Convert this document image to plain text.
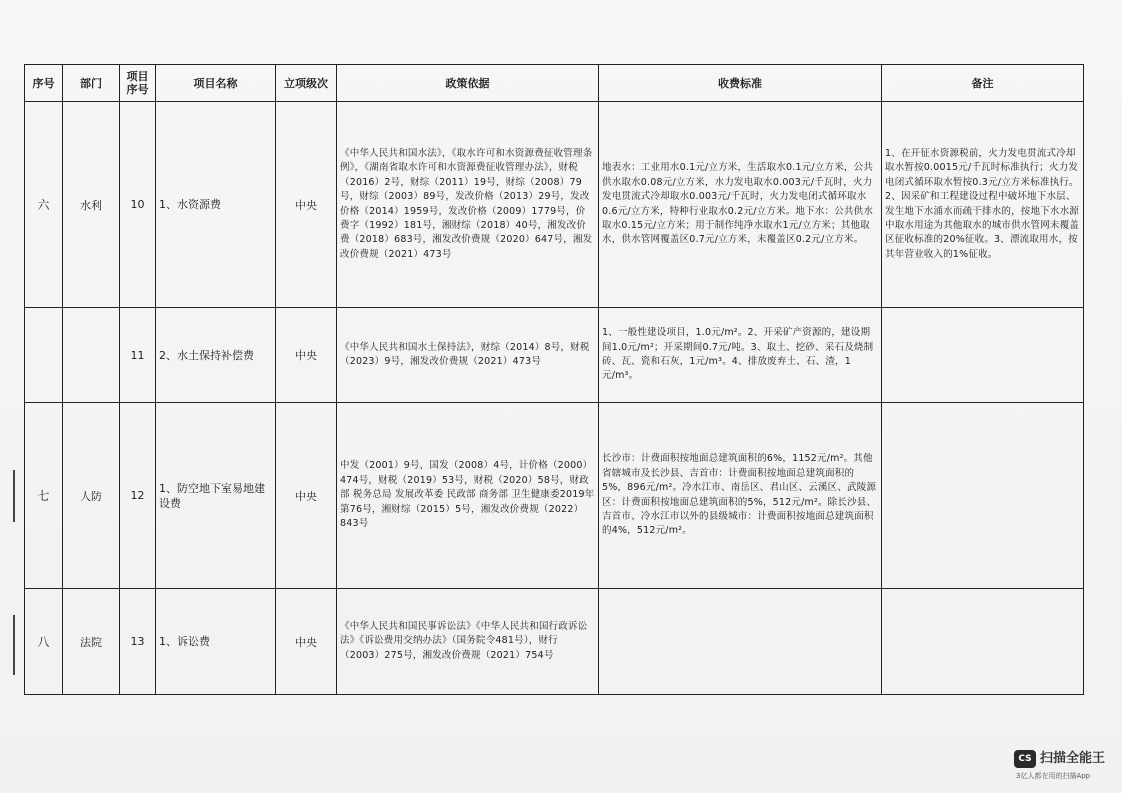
序号	部门	项目序号	项目名称	立项级次	政策依据	收费标准	备注
六	水利	10	1、水资源费	中央	《中华人民共和国水法》，《取水许可和水资源费征收管理条例》，《湖南省取水许可和水资源费征收管理办法》，财税（2016）2号，财综（2011）19号，财综（2008）79号，财综（2003）89号，发改价格（2013）29号，发改价格（2014）1959号，发改价格（2009）1779号，价费字（1992）181号，湘财综（2018）40号，湘发改价费（2018）683号，湘发改价费规（2020）647号，湘发改价费规（2021）473号	地表水：工业用水0.1元/立方米，生活取水0.1元/立方米，公共供水取水0.08元/立方米，水力发电取水0.003元/千瓦时，火力发电贯流式冷却取水0.003元/千瓦时，火力发电闭式循环取水0.6元/立方米，特种行业取水0.2元/立方米。地下水：公共供水取水0.15元/立方米；用于制作纯净水取水1元/立方米；其他取水，供水管网覆盖区0.7元/立方米，未覆盖区0.2元/立方米。	1、在开征水资源税前，火力发电贯流式冷却取水暂按0.0015元/千瓦时标准执行；火力发电闭式循环取水暂按0.3元/立方米标准执行。2、因采矿和工程建设过程中破坏地下水层、发生地下水涌水而疏干排水的，按地下水水源中取水用途为其他取水的城市供水管网未覆盖区征收标准的20%征收。3、漂流取用水，按其年营业收入的1%征收。
		11	2、水土保持补偿费	中央	《中华人民共和国水土保持法》，财综（2014）8号，财税（2023）9号，湘发改价费规（2021）473号	1、一般性建设项目，1.0元/m²。2、开采矿产资源的，建设期间1.0元/m²；开采期间0.7元/吨。3、取土、挖砂、采石及烧制砖、瓦、瓷和石灰，1元/m³。4、排放废弃土、石、渣，1元/m³。	
七	人防	12	1、防空地下室易地建设费	中央	中发（2001）9号，国发（2008）4号，计价格（2000）474号，财税（2019）53号，财税（2020）58号，财政部 税务总局 发展改革委 民政部 商务部 卫生健康委2019年第76号，湘财综（2015）5号，湘发改价费规（2022）843号	长沙市：计费面积按地面总建筑面积的6%，1152元/m²。其他省辖城市及长沙县、吉首市：计费面积按地面总建筑面积的5%，896元/m²。冷水江市、南岳区、君山区、云溪区、武陵源区：计费面积按地面总建筑面积的5%，512元/m²。除长沙县、吉首市、冷水江市以外的县级城市：计费面积按地面总建筑面积的4%，512元/m²。	
八	法院	13	1、诉讼费	中央	《中华人民共和国民事诉讼法》《中华人民共和国行政诉讼法》《诉讼费用交纳办法》（国务院令481号），财行（2003）275号，湘发改价费规（2021）754号		
CS 扫描全能王
3亿人都在用的扫描App
